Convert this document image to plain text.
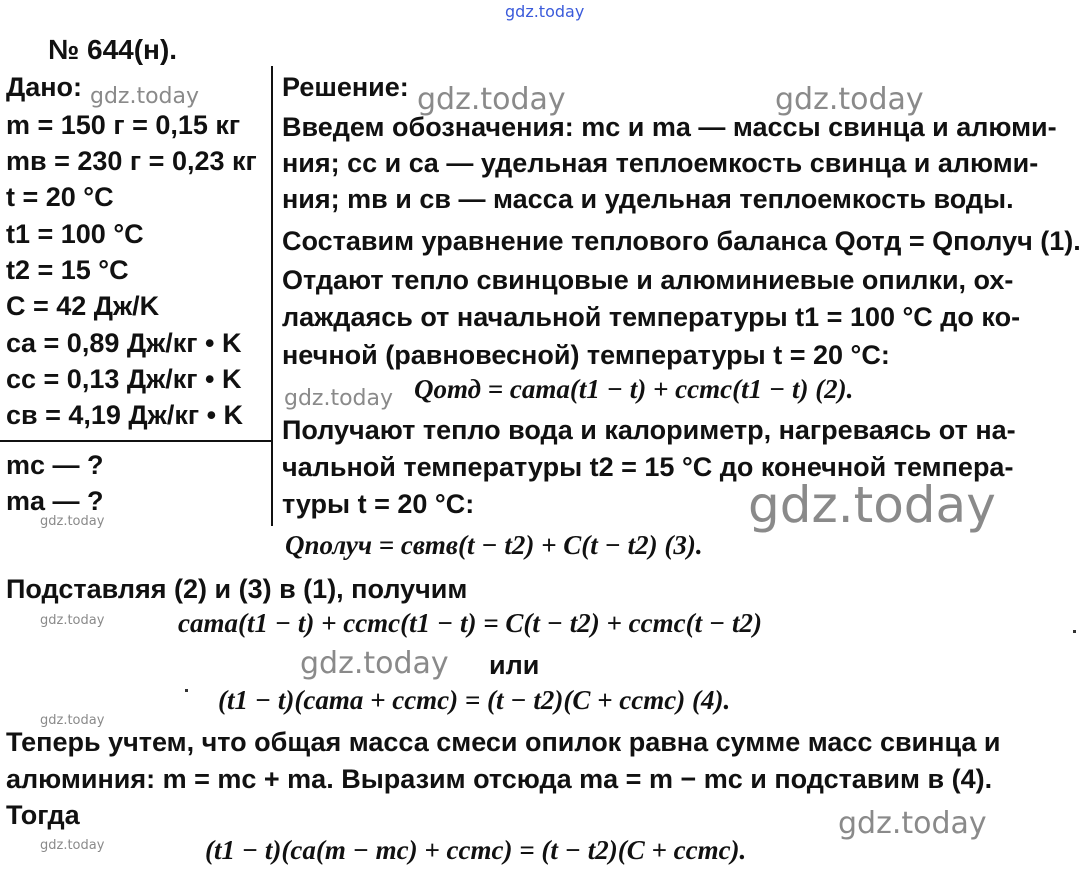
gdz.today
№ 644(н).
Дано: gdz.today
m = 150 г = 0,15 кг
mв = 230 г = 0,23 кг
t = 20 °C
t1 = 100 °C
t2 = 15 °C
C = 42 Дж/K
cа = 0,89 Дж/кг • K
cс = 0,13 Дж/кг • K
cв = 4,19 Дж/кг • K
mс — ?
mа — ?
gdz.today
Решение: gdz.today	gdz.today
Введем обозначения: mс и mа — массы свинца и алюми-
ния; cс и cа — удельная теплоемкость свинца и алюми-
ния; mв и cв — масса и удельная теплоемкость воды.
Составим уравнение теплового баланса Qотд = Qполуч (1).
Отдают тепло свинцовые и алюминиевые опилки, ох-
лаждаясь от начальной температуры t1 = 100 °C до ко-
нечной (равновесной) температуры t = 20 °C:
gdz.today Qотд = cаmа(t1 − t) + cсmс(t1 − t) (2).
Получают тепло вода и калориметр, нагреваясь от на-
чальной температуры t2 = 15 °C до конечной темпера-
туры t = 20 °C:	gdz.today
Qполуч = cвmв(t − t2) + C(t − t2) (3).
Подставляя (2) и (3) в (1), получим
gdz.today	cаmа(t1 − t) + cсmс(t1 − t) = C(t − t2) + cсmс(t − t2)
gdz.today или
(t1 − t)(cаmа + cсmс) = (t − t2)(C + cсmс) (4).
gdz.today
Теперь учтем, что общая масса смеси опилок равна сумме масс свинца и
алюминия: m = mс + mа. Выразим отсюда mа = m − mс и подставим в (4).
Тогда	gdz.today
gdz.today	(t1 − t)(cа(m − mс) + cсmс) = (t − t2)(C + cсmс).
